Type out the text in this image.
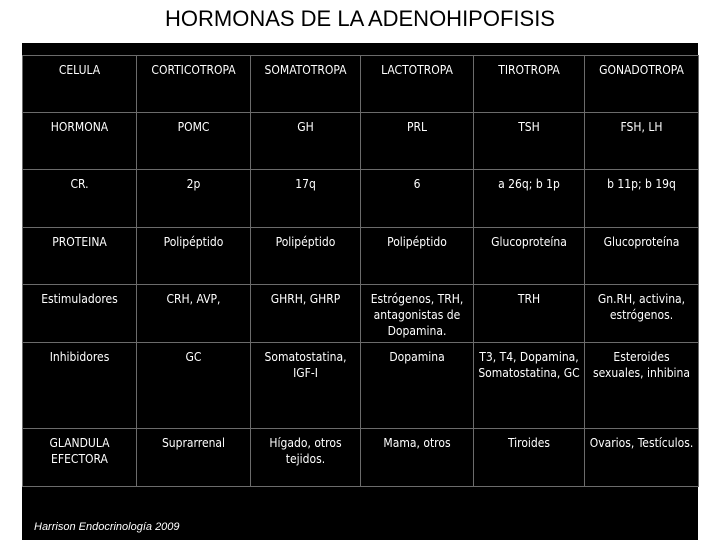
HORMONAS DE LA ADENOHIPOFISIS
CELULA	CORTICOTROPA	SOMATOTROPA	LACTOTROPA	TIROTROPA	GONADOTROPA
HORMONA	POMC	GH	PRL	TSH	FSH, LH
CR.	2p	17q	6	a 26q; b 1p	b 11p; b 19q
PROTEINA	Polipéptido	Polipéptido	Polipéptido	Glucoproteína	Glucoproteína
Estimuladores	CRH, AVP,	GHRH, GHRP	Estrógenos, TRH, antagonistas de Dopamina.	TRH	Gn.RH, activina, estrógenos.
Inhibidores	GC	Somatostatina, IGF-I	Dopamina	T3, T4, Dopamina, Somatostatina, GC	Esteroides sexuales, inhibina
GLANDULA EFECTORA	Suprarrenal	Hígado, otros tejidos.	Mama, otros	Tiroides	Ovarios, Testículos.
Harrison Endocrinología 2009
